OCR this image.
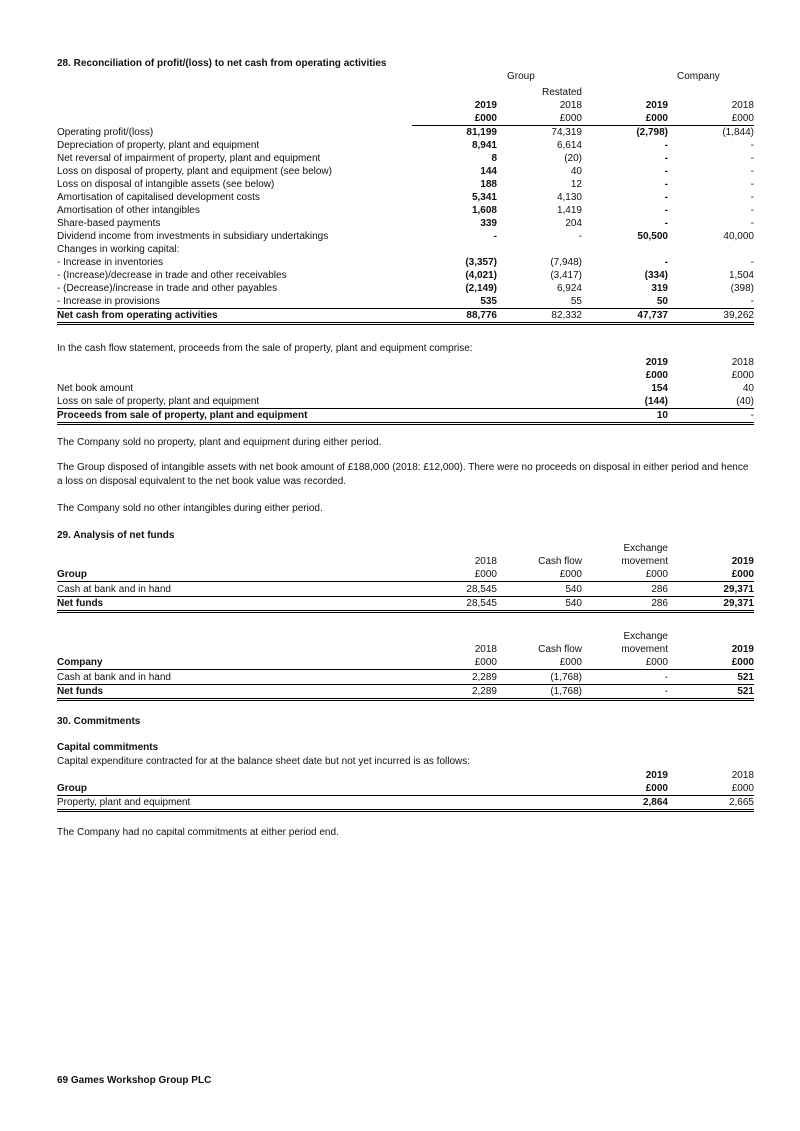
28. Reconciliation of profit/(loss) to net cash from operating activities
Group	Company
		Restated		
	2019	2018	2019	2018
	£000	£000	£000	£000
Operating profit/(loss)	81,199	74,319	(2,798)	(1,844)
Depreciation of property, plant and equipment	8,941	6,614	-	-
Net reversal of impairment of property, plant and equipment	8	(20)	-	-
Loss on disposal of property, plant and equipment (see below)	144	40	-	-
Loss on disposal of intangible assets (see below)	188	12	-	-
Amortisation of capitalised development costs	5,341	4,130	-	-
Amortisation of other intangibles	1,608	1,419	-	-
Share-based payments	339	204	-	-
Dividend income from investments in subsidiary undertakings	-	-	50,500	40,000
Changes in working capital:				
- Increase in inventories	(3,357)	(7,948)	-	-
- (Increase)/decrease in trade and other receivables	(4,021)	(3,417)	(334)	1,504
- (Decrease)/increase in trade and other payables	(2,149)	6,924	319	(398)
- Increase in provisions	535	55	50	-
Net cash from operating activities	88,776	82,332	47,737	39,262
In the cash flow statement, proceeds from the sale of property, plant and equipment comprise:
	2019	2018
	£000	£000
Net book amount	154	40
Loss on sale of property, plant and equipment	(144)	(40)
Proceeds from sale of property, plant and equipment	10	-
The Company sold no property, plant and equipment during either period.
The Group disposed of intangible assets with net book amount of £188,000 (2018: £12,000). There were no proceeds on disposal in either period and hence a loss on disposal equivalent to the net book value was recorded.
The Company sold no other intangibles during either period.
29. Analysis of net funds
			Exchange	
	2018	Cash flow	movement	2019
Group	£000	£000	£000	£000
Cash at bank and in hand	28,545	540	286	29,371
Net funds	28,545	540	286	29,371
			Exchange	
	2018	Cash flow	movement	2019
Company	£000	£000	£000	£000
Cash at bank and in hand	2,289	(1,768)	-	521
Net funds	2,289	(1,768)	-	521
30. Commitments
Capital commitments
Capital expenditure contracted for at the balance sheet date but not yet incurred is as follows:
	2019	2018
Group	£000	£000
Property, plant and equipment	2,864	2,665
The Company had no capital commitments at either period end.
69 Games Workshop Group PLC
